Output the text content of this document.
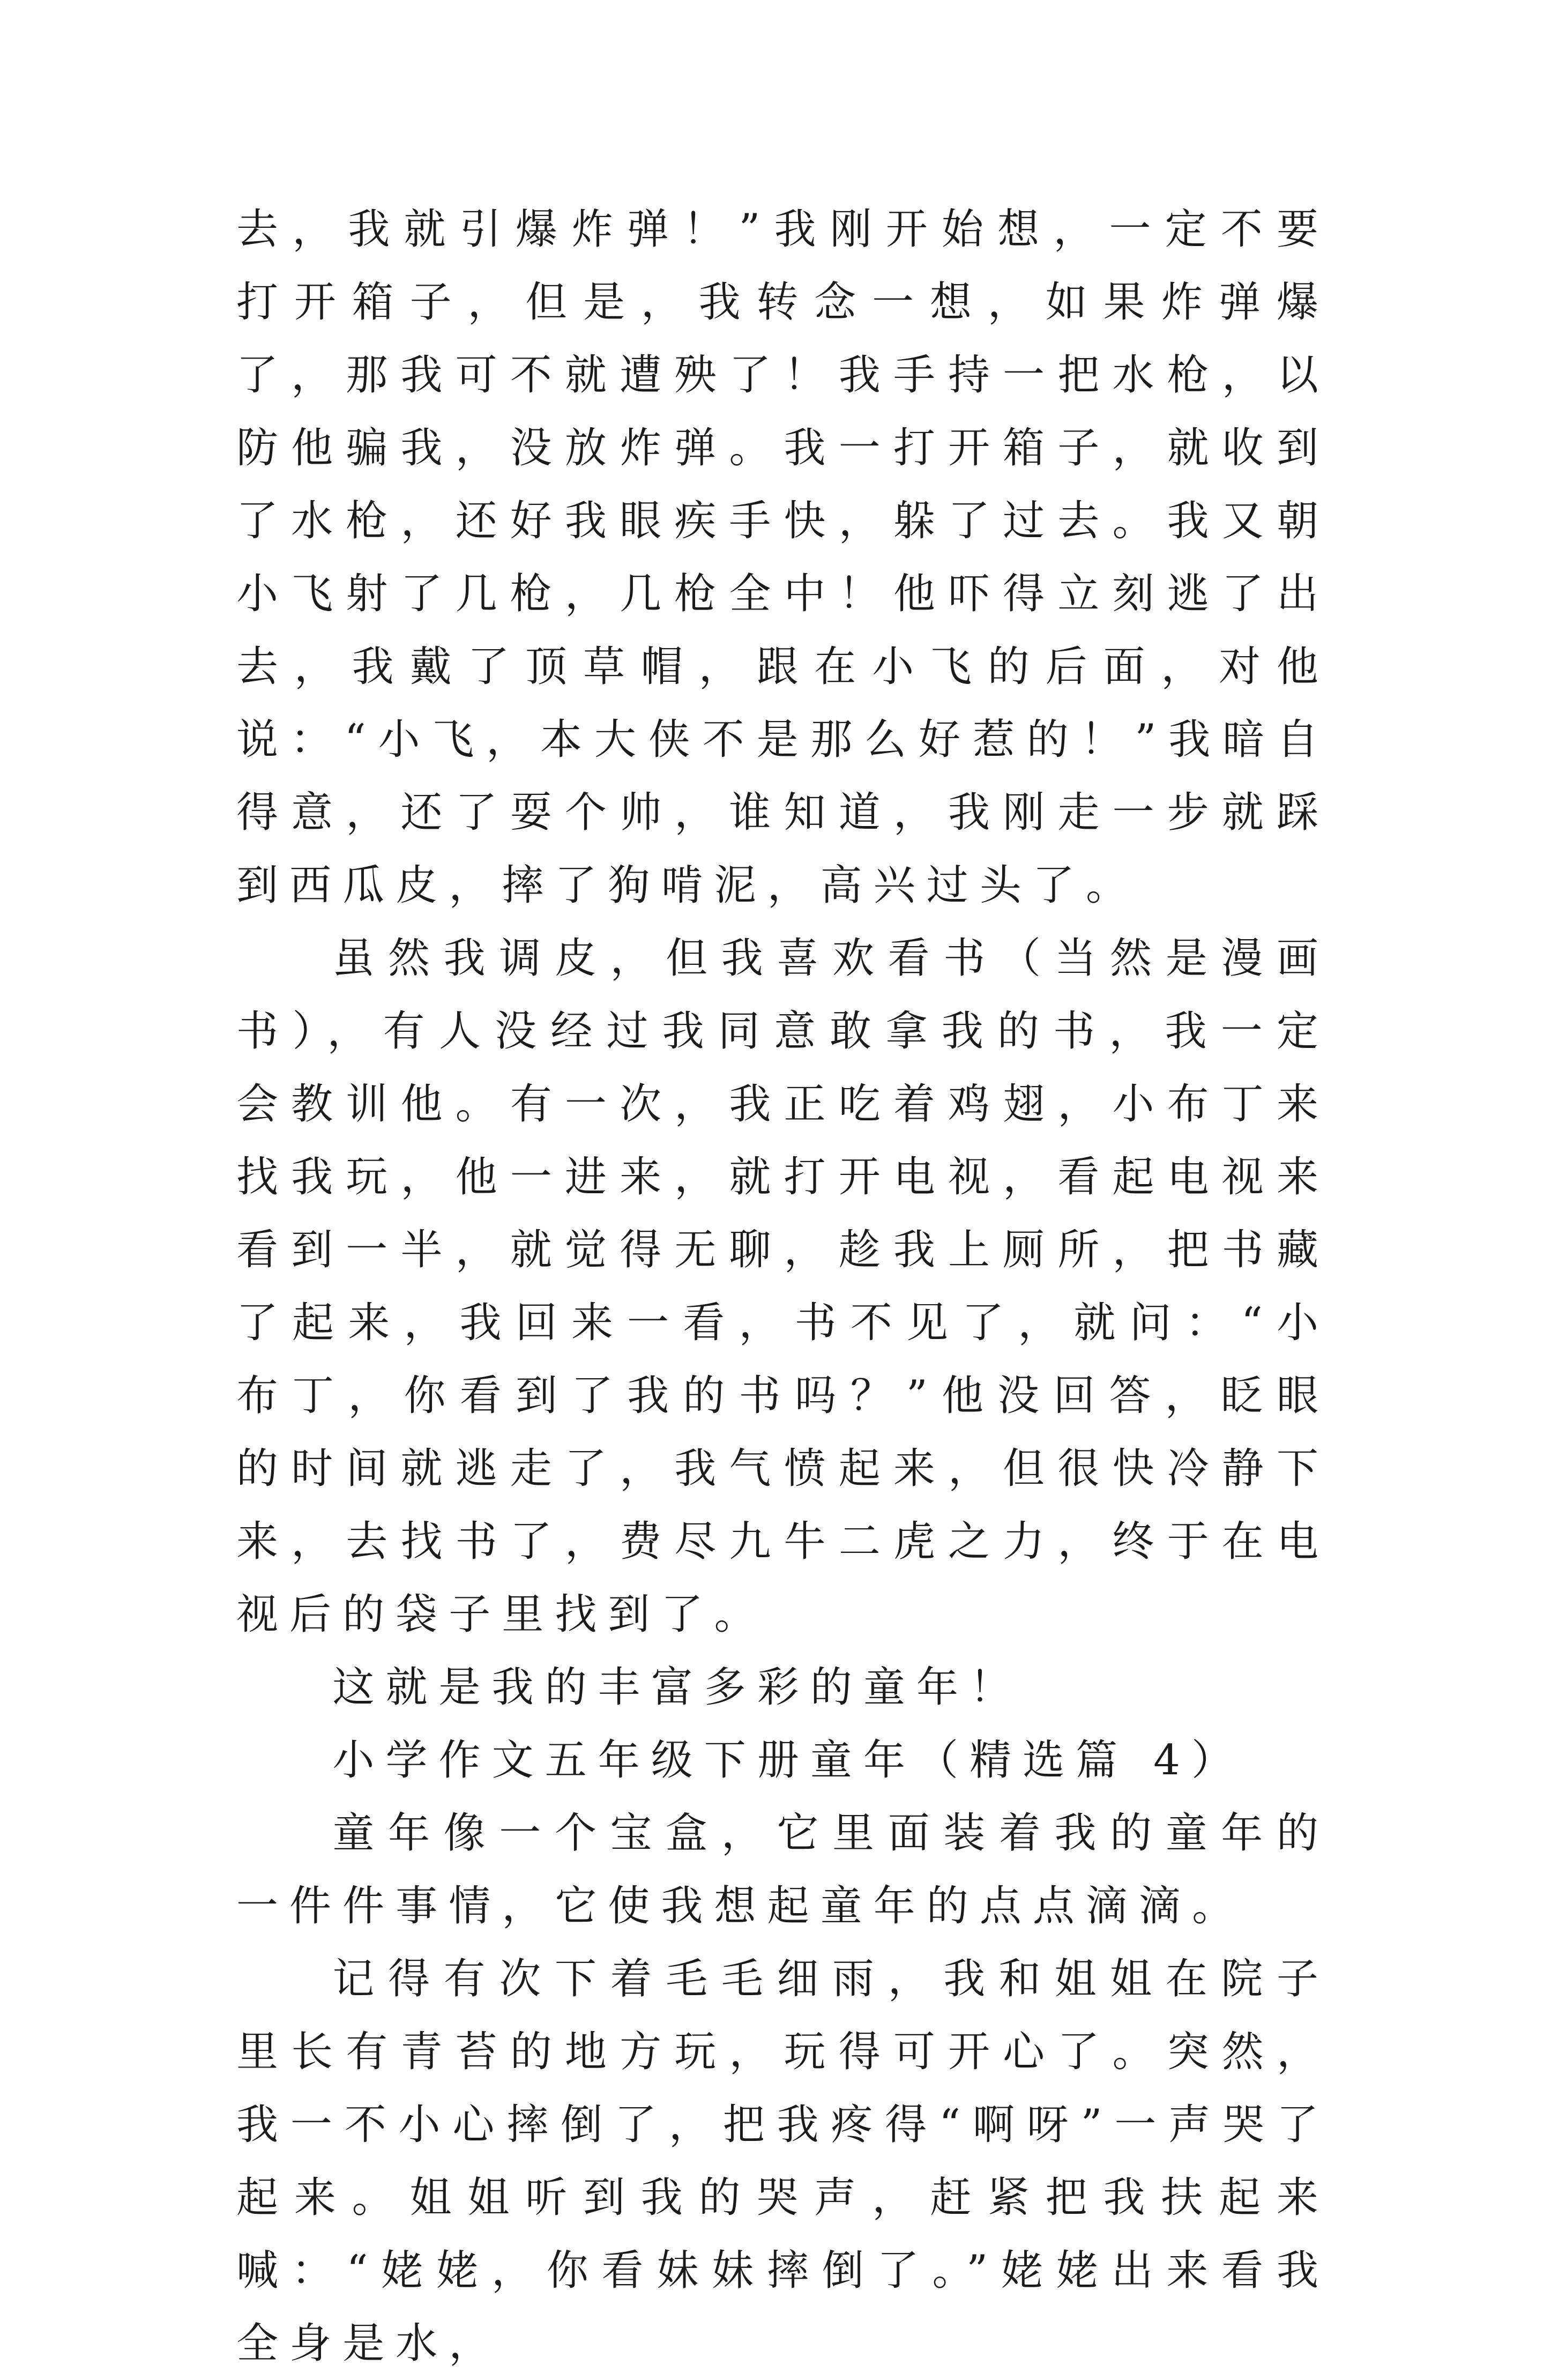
去，我就引爆炸弹！”我刚开始想，一定不要打开箱子，但是，我转念一想，如果炸弹爆了，那我可不就遭殃了！我手持一把水枪，以防他骗我，没放炸弹。我一打开箱子，就收到了水枪，还好我眼疾手快，躲了过去。我又朝小飞射了几枪，几枪全中！他吓得立刻逃了出去，我戴了顶草帽，跟在小飞的后面，对他说：“小飞，本大侠不是那么好惹的！”我暗自得意，还了耍个帅，谁知道，我刚走一步就踩到西瓜皮，摔了狗啃泥，高兴过头了。

虽然我调皮，但我喜欢看书（当然是漫画书），有人没经过我同意敢拿我的书，我一定会教训他。有一次，我正吃着鸡翅，小布丁来找我玩，他一进来，就打开电视，看起电视来看到一半，就觉得无聊，趁我上厕所，把书藏了起来，我回来一看，书不见了，就问：“小布丁，你看到了我的书吗？”他没回答，眨眼的时间就逃走了，我气愤起来，但很快冷静下来，去找书了，费尽九牛二虎之力，终于在电视后的袋子里找到了。

这就是我的丰富多彩的童年！

小学作文五年级下册童年（精选篇 4）

童年像一个宝盒，它里面装着我的童年的一件件事情，它使我想起童年的点点滴滴。

记得有次下着毛毛细雨，我和姐姐在院子里长有青苔的地方玩，玩得可开心了。突然，我一不小心摔倒了，把我疼得“啊呀”一声哭了起来。姐姐听到我的哭声，赶紧把我扶起来喊：“姥姥，你看妹妹摔倒了。”姥姥出来看我全身是水，
